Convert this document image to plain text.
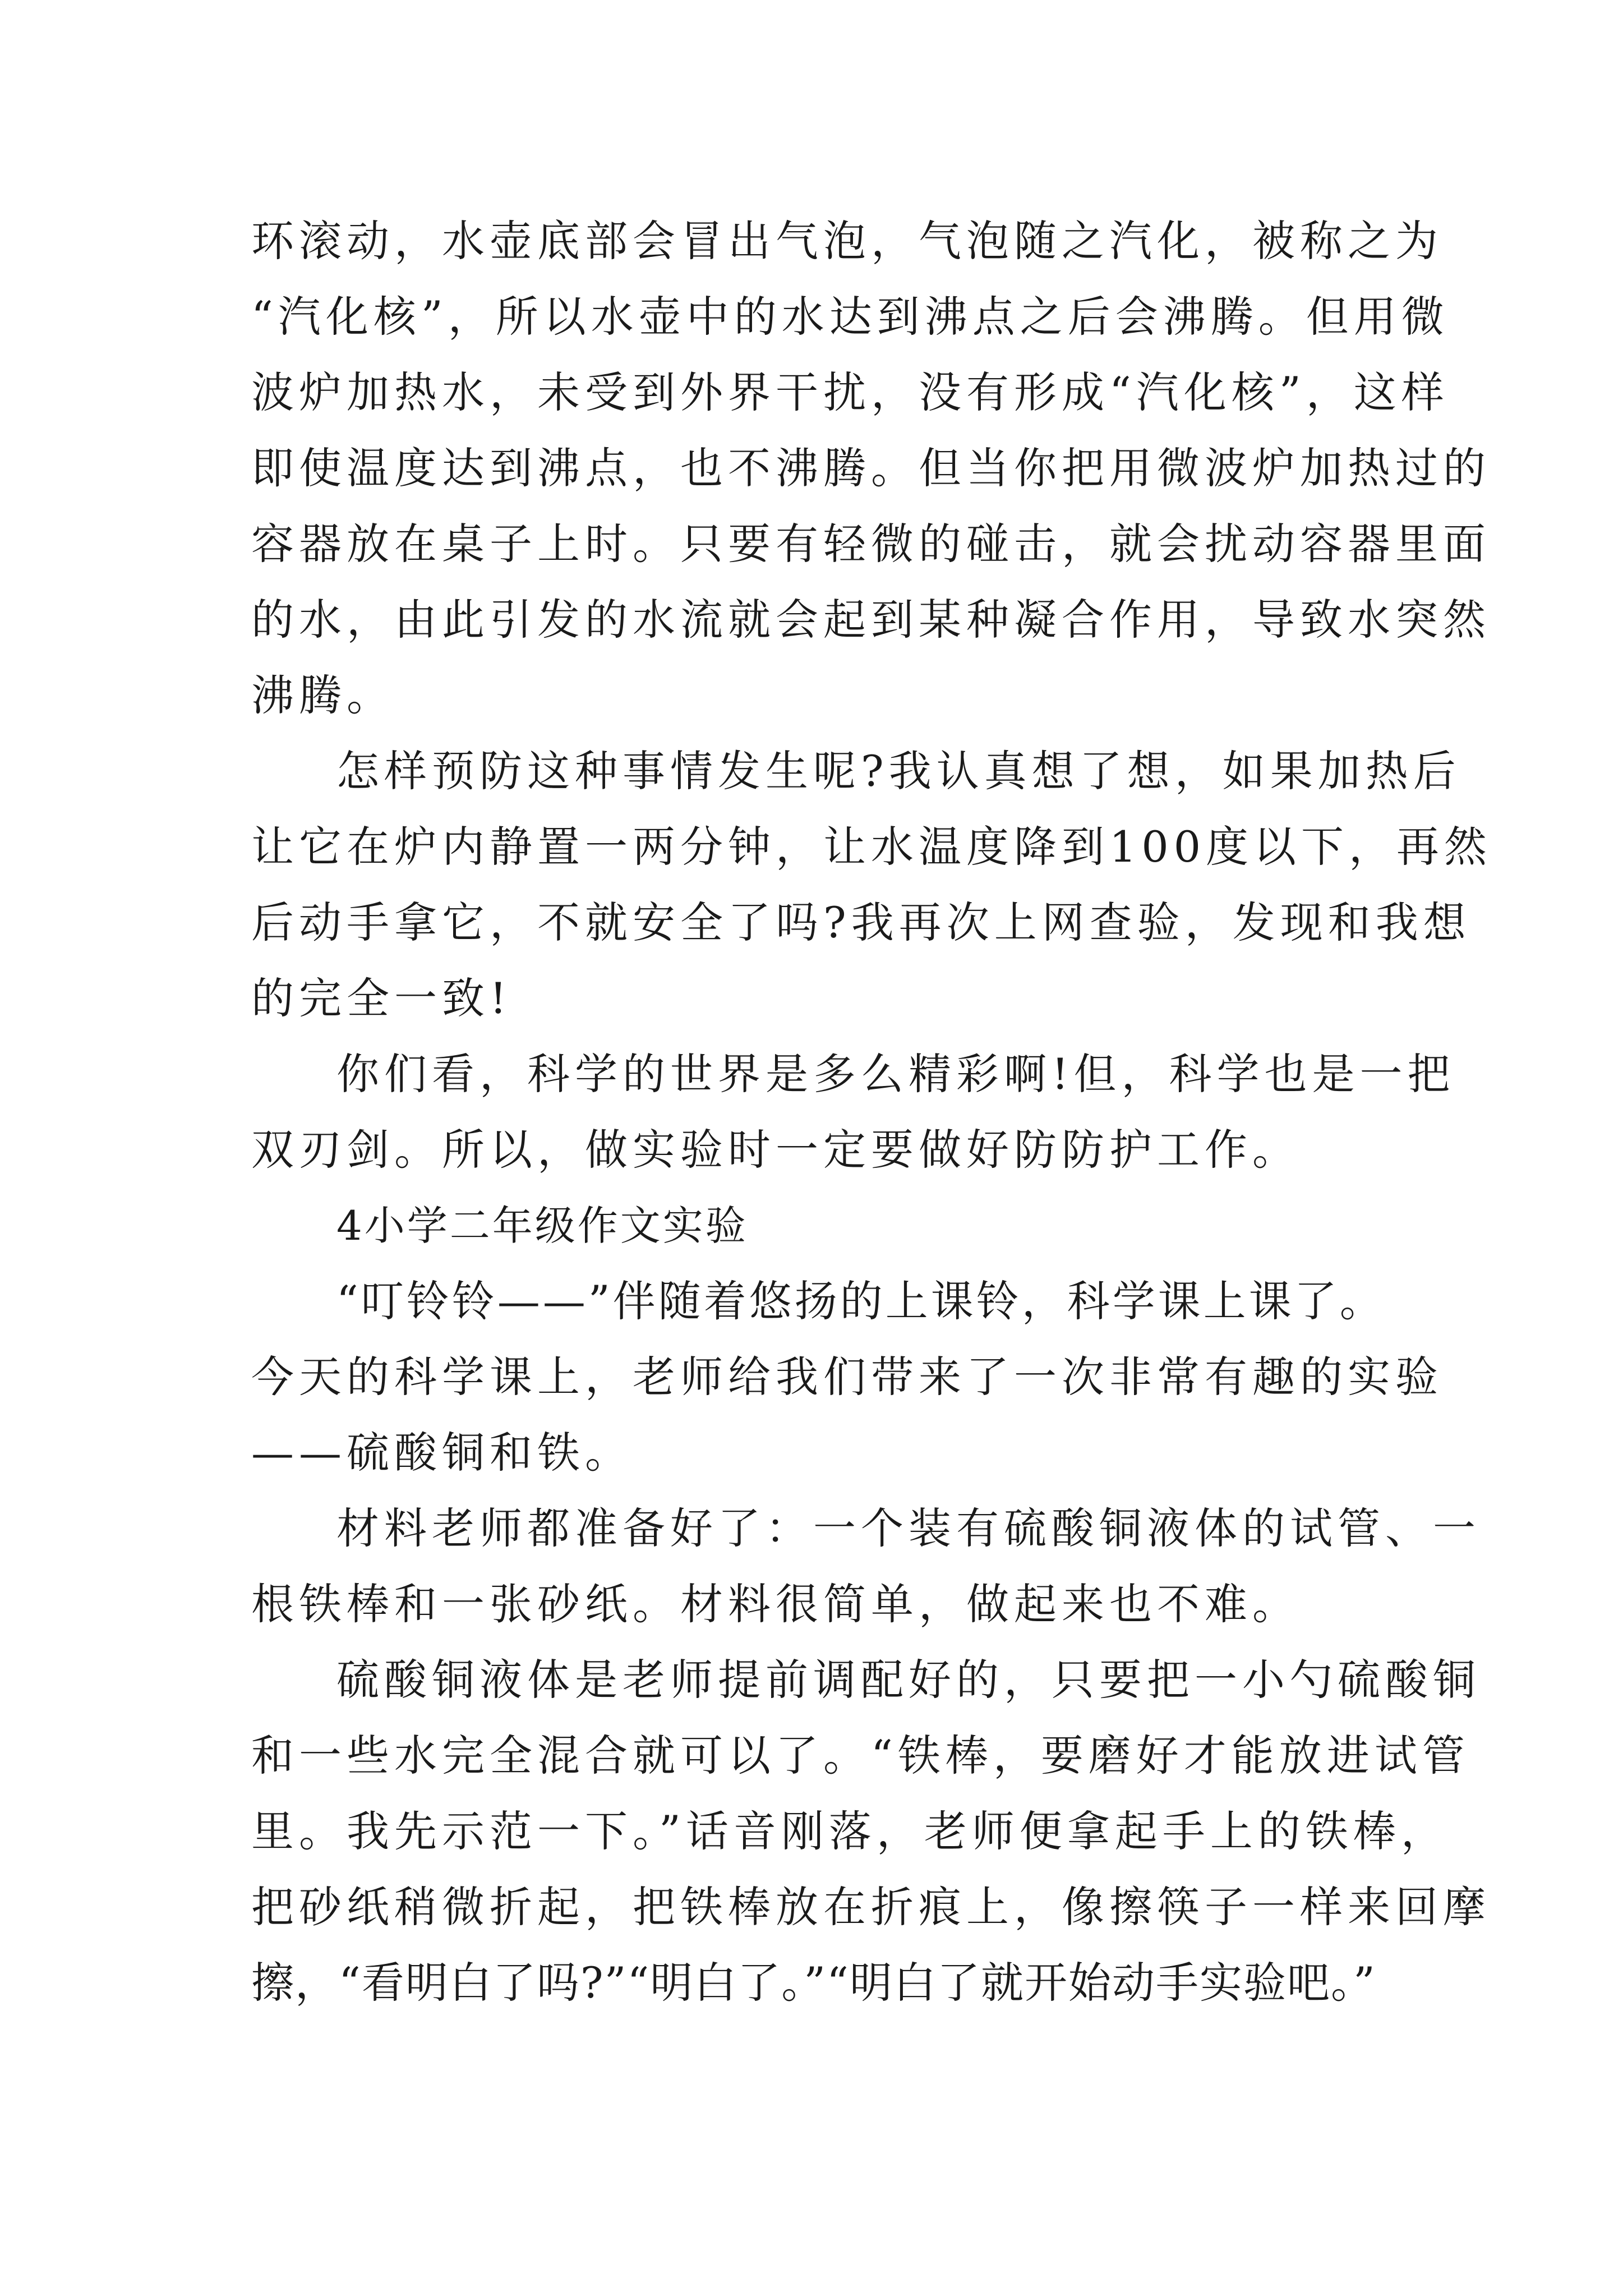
环滚动，水壶底部会冒出气泡，气泡随之汽化，被称之为
“汽化核”，所以水壶中的水达到沸点之后会沸腾。但用微
波炉加热水，未受到外界干扰，没有形成“汽化核”，这样
即使温度达到沸点，也不沸腾。但当你把用微波炉加热过的
容器放在桌子上时。只要有轻微的碰击，就会扰动容器里面
的水，由此引发的水流就会起到某种凝合作用，导致水突然
沸腾。
怎样预防这种事情发生呢?我认真想了想，如果加热后
让它在炉内静置一两分钟，让水温度降到100度以下，再然
后动手拿它，不就安全了吗?我再次上网查验，发现和我想
的完全一致!
你们看，科学的世界是多么精彩啊!但，科学也是一把
双刃剑。所以，做实验时一定要做好防防护工作。
4小学二年级作文实验
“叮铃铃——”伴随着悠扬的上课铃，科学课上课了。
今天的科学课上，老师给我们带来了一次非常有趣的实验
——硫酸铜和铁。
材料老师都准备好了：一个装有硫酸铜液体的试管、一
根铁棒和一张砂纸。材料很简单，做起来也不难。
硫酸铜液体是老师提前调配好的，只要把一小勺硫酸铜
和一些水完全混合就可以了。“铁棒，要磨好才能放进试管
里。我先示范一下。”话音刚落，老师便拿起手上的铁棒，
把砂纸稍微折起，把铁棒放在折痕上，像擦筷子一样来回摩
擦，“看明白了吗?”“明白了。”“明白了就开始动手实验吧。”
